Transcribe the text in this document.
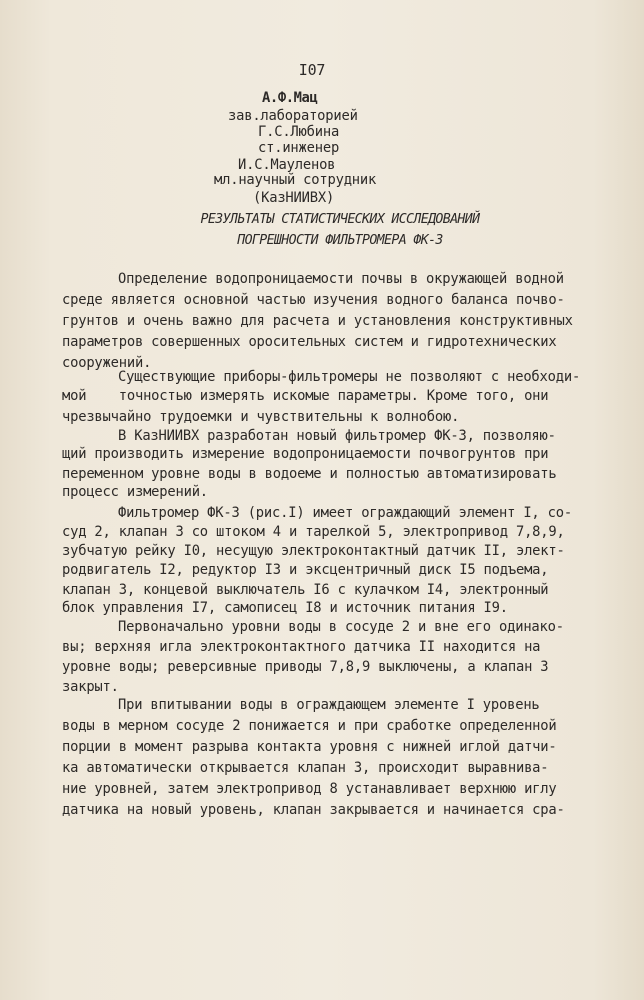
I07
А.Ф.Мац
зав.лабораторией
Г.С.Любина
ст.инженер
И.С.Мауленов
мл.научный сотрудник
(КазНИИВХ)
РЕЗУЛЬТАТЫ СТАТИСТИЧЕСКИХ ИССЛЕДОВАНИЙ
ПОГРЕШНОСТИ ФИЛЬТРОМЕРА ФК-3
Определение водопроницаемости почвы в окружающей водной
среде является основной частью изучения водного баланса почво-
грунтов и очень важно для расчета и установления конструктивных
параметров совершенных оросительных систем и гидротехнических
сооружений.
Существующие приборы-фильтромеры не позволяют с необходи-
мой    точностью измерять искомые параметры. Кроме того, они
чрезвычайно трудоемки и чувствительны к волнобою.
В КазНИИВХ разработан новый фильтромер ФК-3, позволяю-
щий производить измерение водопроницаемости почвогрунтов при
переменном уровне воды в водоеме и полностью автоматизировать
процесс измерений.
Фильтромер ФК-3 (рис.I) имеет ограждающий элемент I, со-
суд 2, клапан 3 со штоком 4 и тарелкой 5, электропривод 7,8,9,
зубчатую рейку I0, несущую электроконтактный датчик II, элект-
родвигатель I2, редуктор I3 и эксцентричный диск I5 подъема,
клапан 3, концевой выключатель I6 с кулачком I4, электронный
блок управления I7, самописец I8 и источник питания I9.
Первоначально уровни воды в сосуде 2 и вне его одинако-
вы; верхняя игла электроконтактного датчика II находится на
уровне воды; реверсивные приводы 7,8,9 выключены, а клапан 3
закрыт.
При впитывании воды в ограждающем элементе I уровень
воды в мерном сосуде 2 понижается и при сработке определенной
порции в момент разрыва контакта уровня с нижней иглой датчи-
ка автоматически открывается клапан 3, происходит выравнива-
ние уровней, затем электропривод 8 устанавливает верхнюю иглу
датчика на новый уровень, клапан закрывается и начинается сра-
